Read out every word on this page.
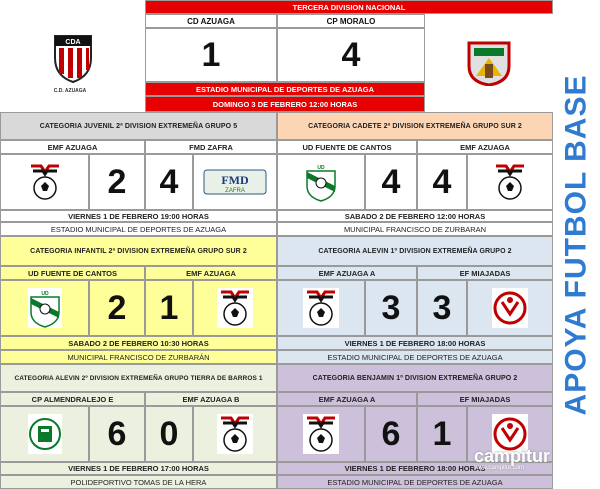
TERCERA DIVISION NACIONAL
CDA
C.D. AZUAGA
CD AZUAGA	CP MORALO
1	4
ESTADIO MUNICIPAL DE DEPORTES DE AZUAGA
DOMINGO 3 DE FEBRERO 12:00 HORAS
CATEGORIA JUVENIL 2ª DIVISION EXTREMEÑA GRUPO 5	CATEGORIA CADETE 2ª DIVISION EXTREMEÑA GRUPO SUR 2
EMF AZUAGA	FMD ZAFRA	UD FUENTE DE CANTOS	EMF AZUAGA
2 4	FMD
ZAFRA
UD	4 4
VIERNES 1 DE FEBRERO 19:00 HORAS	SABADO 2 DE FEBRERO 12:00 HORAS
ESTADIO MUNICIPAL DE DEPORTES DE AZUAGA	MUNICIPAL FRANCISCO DE ZURBARAN
CATEGORIA INFANTIL 2ª DIVISION EXTREMEÑA GRUPO SUR 2	CATEGORIA ALEVIN 1º DIVISION EXTREMEÑA GRUPO 2
UD FUENTE DE CANTOS	EMF AZUAGA	EMF AZUAGA A	EF MIAJADAS
UD	2 1	3 3
SABADO 2 DE FEBRERO 10:30 HORAS	VIERNES 1 DE FEBRERO 18:00 HORAS
MUNICIPAL FRANCISCO DE ZURBARÁN	ESTADIO MUNICIPAL DE DEPORTES DE AZUAGA
CATEGORIA ALEVIN 2º DIVISION EXTREMEÑA GRUPO TIERRA DE BARROS 1	CATEGORIA BENJAMIN 1º DIVISION EXTREMEÑA GRUPO 2
CP ALMENDRALEJO E	EMF AZUAGA B	EMF AZUAGA A	EF MIAJADAS
6 0	6 1
VIERNES 1 DE FEBRERO 17:00 HORAS	VIERNES 1 DE FEBRERO 18:00 HORAS
POLIDEPORTIVO TOMAS DE LA HERA	ESTADIO MUNICIPAL DE DEPORTES DE AZUAGA
APOYA FUTBOL BASE
campitur
www.campitur.com
